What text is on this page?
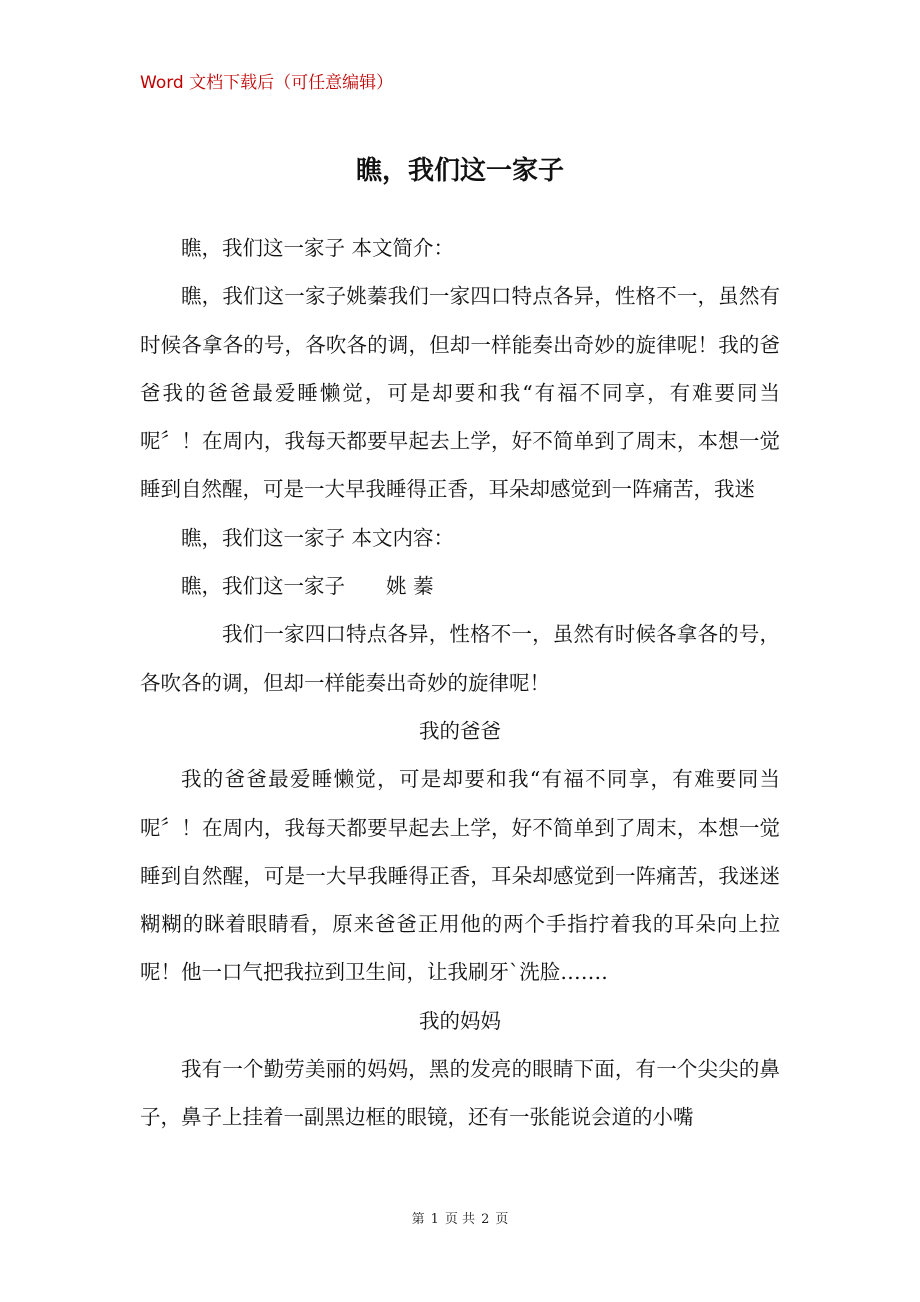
Word 文档下载后（可任意编辑）
瞧，我们这一家子

瞧，我们这一家子 本文简介：

瞧，我们这一家子姚蓁我们一家四口特点各异，性格不一，虽然有时候各拿各的号，各吹各的调，但却一样能奏出奇妙的旋律呢！我的爸爸我的爸爸最爱睡懒觉，可是却要和我“有福不同享，有难要同当呢〞！在周内，我每天都要早起去上学，好不简单到了周末，本想一觉睡到自然醒，可是一大早我睡得正香，耳朵却感觉到一阵痛苦，我迷

瞧，我们这一家子 本文内容：

瞧，我们这一家子　　姚 蓁

我们一家四口特点各异，性格不一，虽然有时候各拿各的号，各吹各的调，但却一样能奏出奇妙的旋律呢！

我的爸爸

我的爸爸最爱睡懒觉，可是却要和我“有福不同享，有难要同当呢〞！在周内，我每天都要早起去上学，好不简单到了周末，本想一觉睡到自然醒，可是一大早我睡得正香，耳朵却感觉到一阵痛苦，我迷迷糊糊的眯着眼睛看，原来爸爸正用他的两个手指拧着我的耳朵向上拉呢！他一口气把我拉到卫生间，让我刷牙`洗脸…….

我的妈妈

我有一个勤劳美丽的妈妈，黑的发亮的眼睛下面，有一个尖尖的鼻子，鼻子上挂着一副黑边框的眼镜，还有一张能说会道的小嘴

第 1 页 共 2 页
